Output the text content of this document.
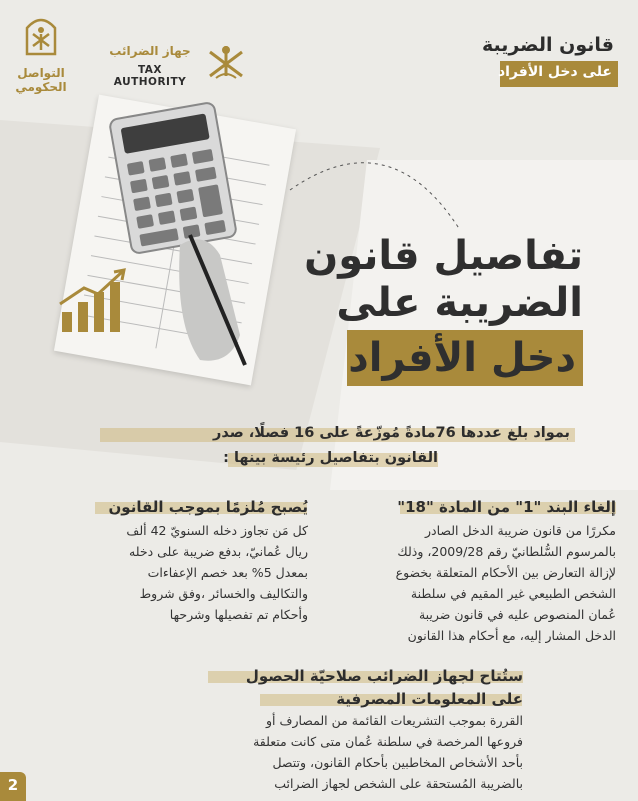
التواصل
الحكومي
جهاز الضرائب
TAX AUTHORITY
قانون الضريبة
على دخل الأفراد
تفاصيل قانون
الضريبة على
دخل الأفراد
بمواد بلغ عددها 76مادةً مُوزّعةً على 16 فصلًا، صدر
القانون بتفاصيل رئيسة بينها :
إلغاء البند "1" من المادة "18"
مكررًا من قانون ضريبة الدخل الصادر
بالمرسوم السُّلطانيّ رقم 2009/28، وذلك
لإزالة التعارض بين الأحكام المتعلقة بخضوع
الشخص الطبيعي غير المقيم في سلطنة
عُمان المنصوص عليه في قانون ضريبة
الدخل المشار إليه، مع أحكام هذا القانون
يُصبح مُلزمًا بموجب القانون
كل مَن تجاوز دخله السنويّ 42 ألف
ريال عُمانيّ، بدفع ضريبة على دخله
بمعدل 5% بعد خصم الإعفاءات
والتكاليف والخسائر ،وفق شروط
وأحكام تم تفصيلها وشرحها
ستُتاح لجهاز الضرائب صلاحيّة الحصول
على المعلومات المصرفية
القررة بموجب التشريعات القائمة من المصارف أو
فروعها المرخصة في سلطنة عُمان متى كانت متعلقة
بأحد الأشخاص المخاطبين بأحكام القانون، وتتصل
بالضريبة المُستحقة على الشخص لجهاز الضرائب
2
